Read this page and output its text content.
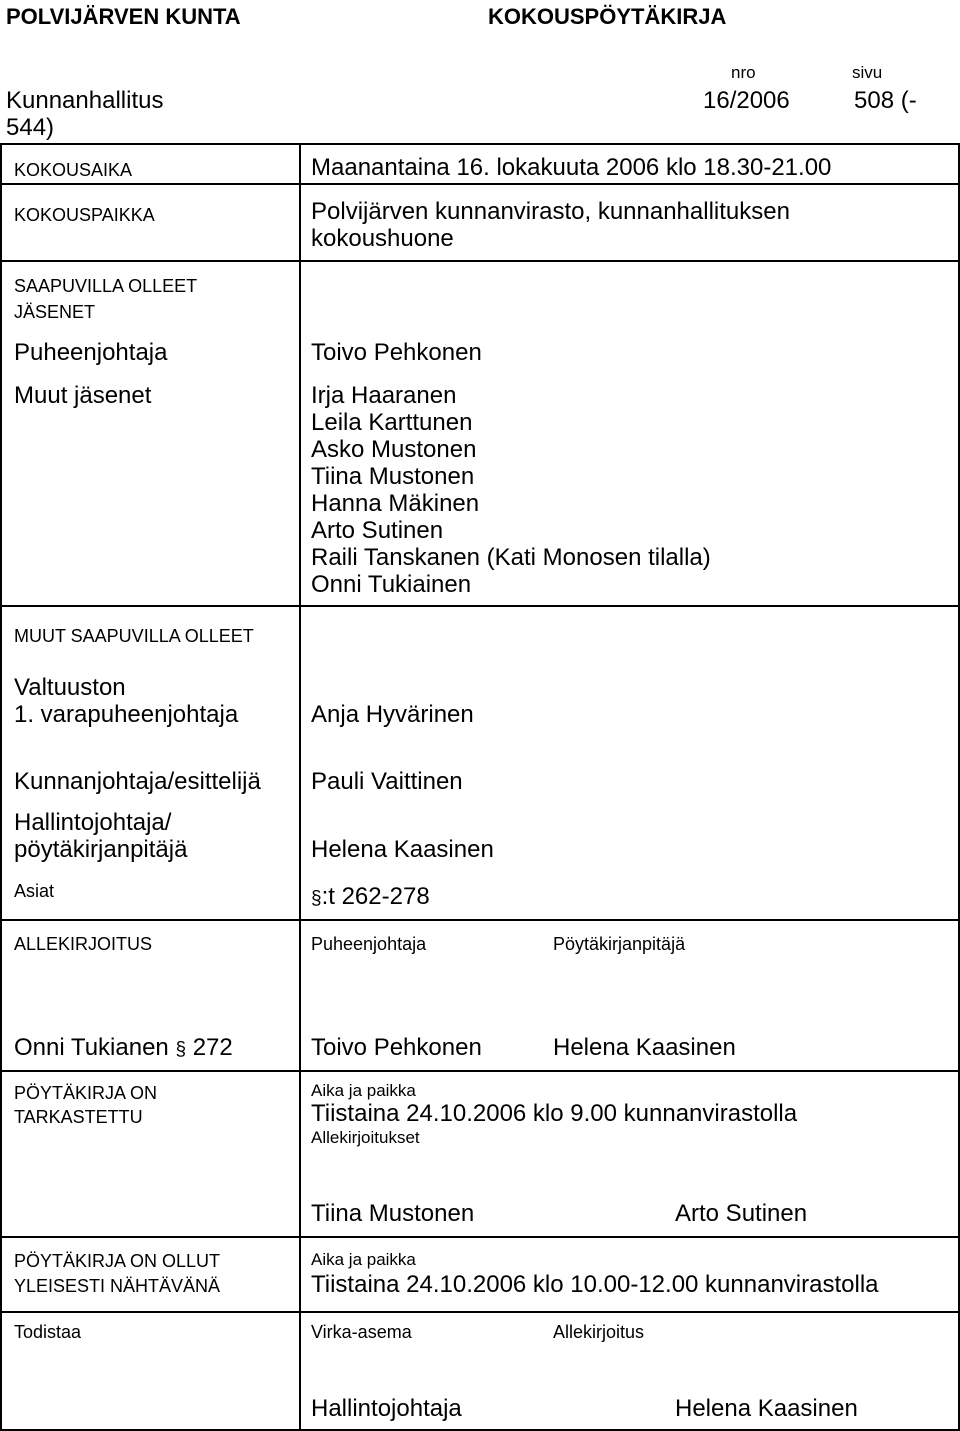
POLVIJÄRVEN KUNTA	KOKOUSPÖYTÄKIRJA
nro	sivu
Kunnanhallitus	16/2006	508 (-
544)
KOKOUSAIKA	Maanantaina 16. lokakuuta 2006 klo 18.30-21.00
KOKOUSPAIKKA	Polvijärven kunnanvirasto, kunnanhallituksen
kokoushuone
SAAPUVILLA OLLEET
JÄSENET
Puheenjohtaja	Toivo Pehkonen
Muut jäsenet	Irja Haaranen
Leila Karttunen
Asko Mustonen
Tiina Mustonen
Hanna Mäkinen
Arto Sutinen
Raili Tanskanen (Kati Monosen tilalla)
Onni Tukiainen
MUUT SAAPUVILLA OLLEET
Valtuuston
1. varapuheenjohtaja	Anja Hyvärinen
Kunnanjohtaja/esittelijä Pauli Vaittinen
Hallintojohtaja/
pöytäkirjanpitäjä	Helena Kaasinen
Asiat	§:t 262-278
ALLEKIRJOITUS	Puheenjohtaja	Pöytäkirjanpitäjä
Onni Tukianen § 272	Toivo Pehkonen	Helena Kaasinen
PÖYTÄKIRJA ON
TARKASTETTU
Aika ja paikka
Tiistaina 24.10.2006 klo 9.00 kunnanvirastolla
Allekirjoitukset
Tiina Mustonen	Arto Sutinen
PÖYTÄKIRJA ON OLLUT
YLEISESTI NÄHTÄVÄNÄ
Aika ja paikka
Tiistaina 24.10.2006 klo 10.00-12.00 kunnanvirastolla
Todistaa	Virka-asema	Allekirjoitus
Hallintojohtaja	Helena Kaasinen
